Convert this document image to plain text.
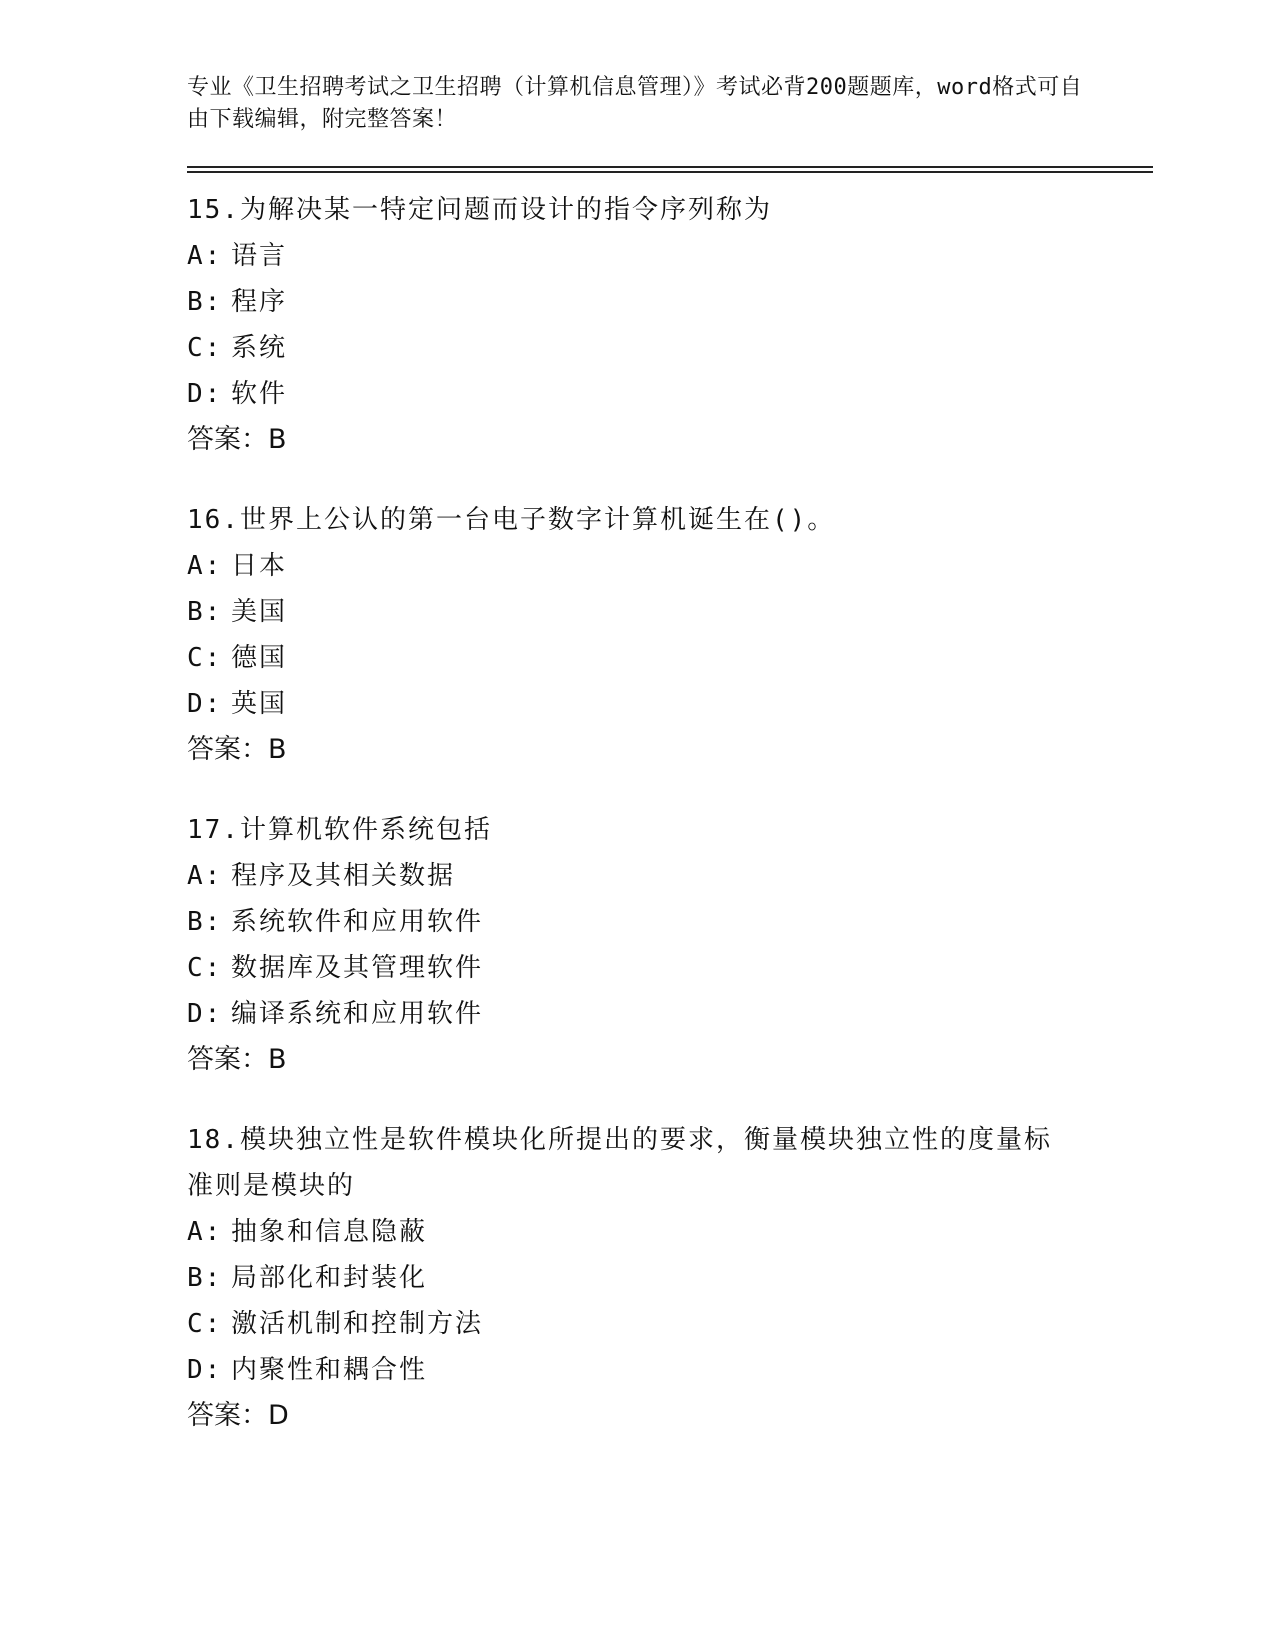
专业《卫生招聘考试之卫生招聘（计算机信息管理）》考试必背200题题库，word格式可自由下载编辑，附完整答案！

15.为解决某一特定问题而设计的指令序列称为

A: 语言

B: 程序

C: 系统

D: 软件

答案：B

16.世界上公认的第一台电子数字计算机诞生在()。

A: 日本

B: 美国

C: 德国

D: 英国

答案：B

17.计算机软件系统包括

A: 程序及其相关数据

B: 系统软件和应用软件

C: 数据库及其管理软件

D: 编译系统和应用软件

答案：B

18.模块独立性是软件模块化所提出的要求，衡量模块独立性的度量标准则是模块的

A: 抽象和信息隐蔽

B: 局部化和封装化

C: 激活机制和控制方法

D: 内聚性和耦合性

答案：D
